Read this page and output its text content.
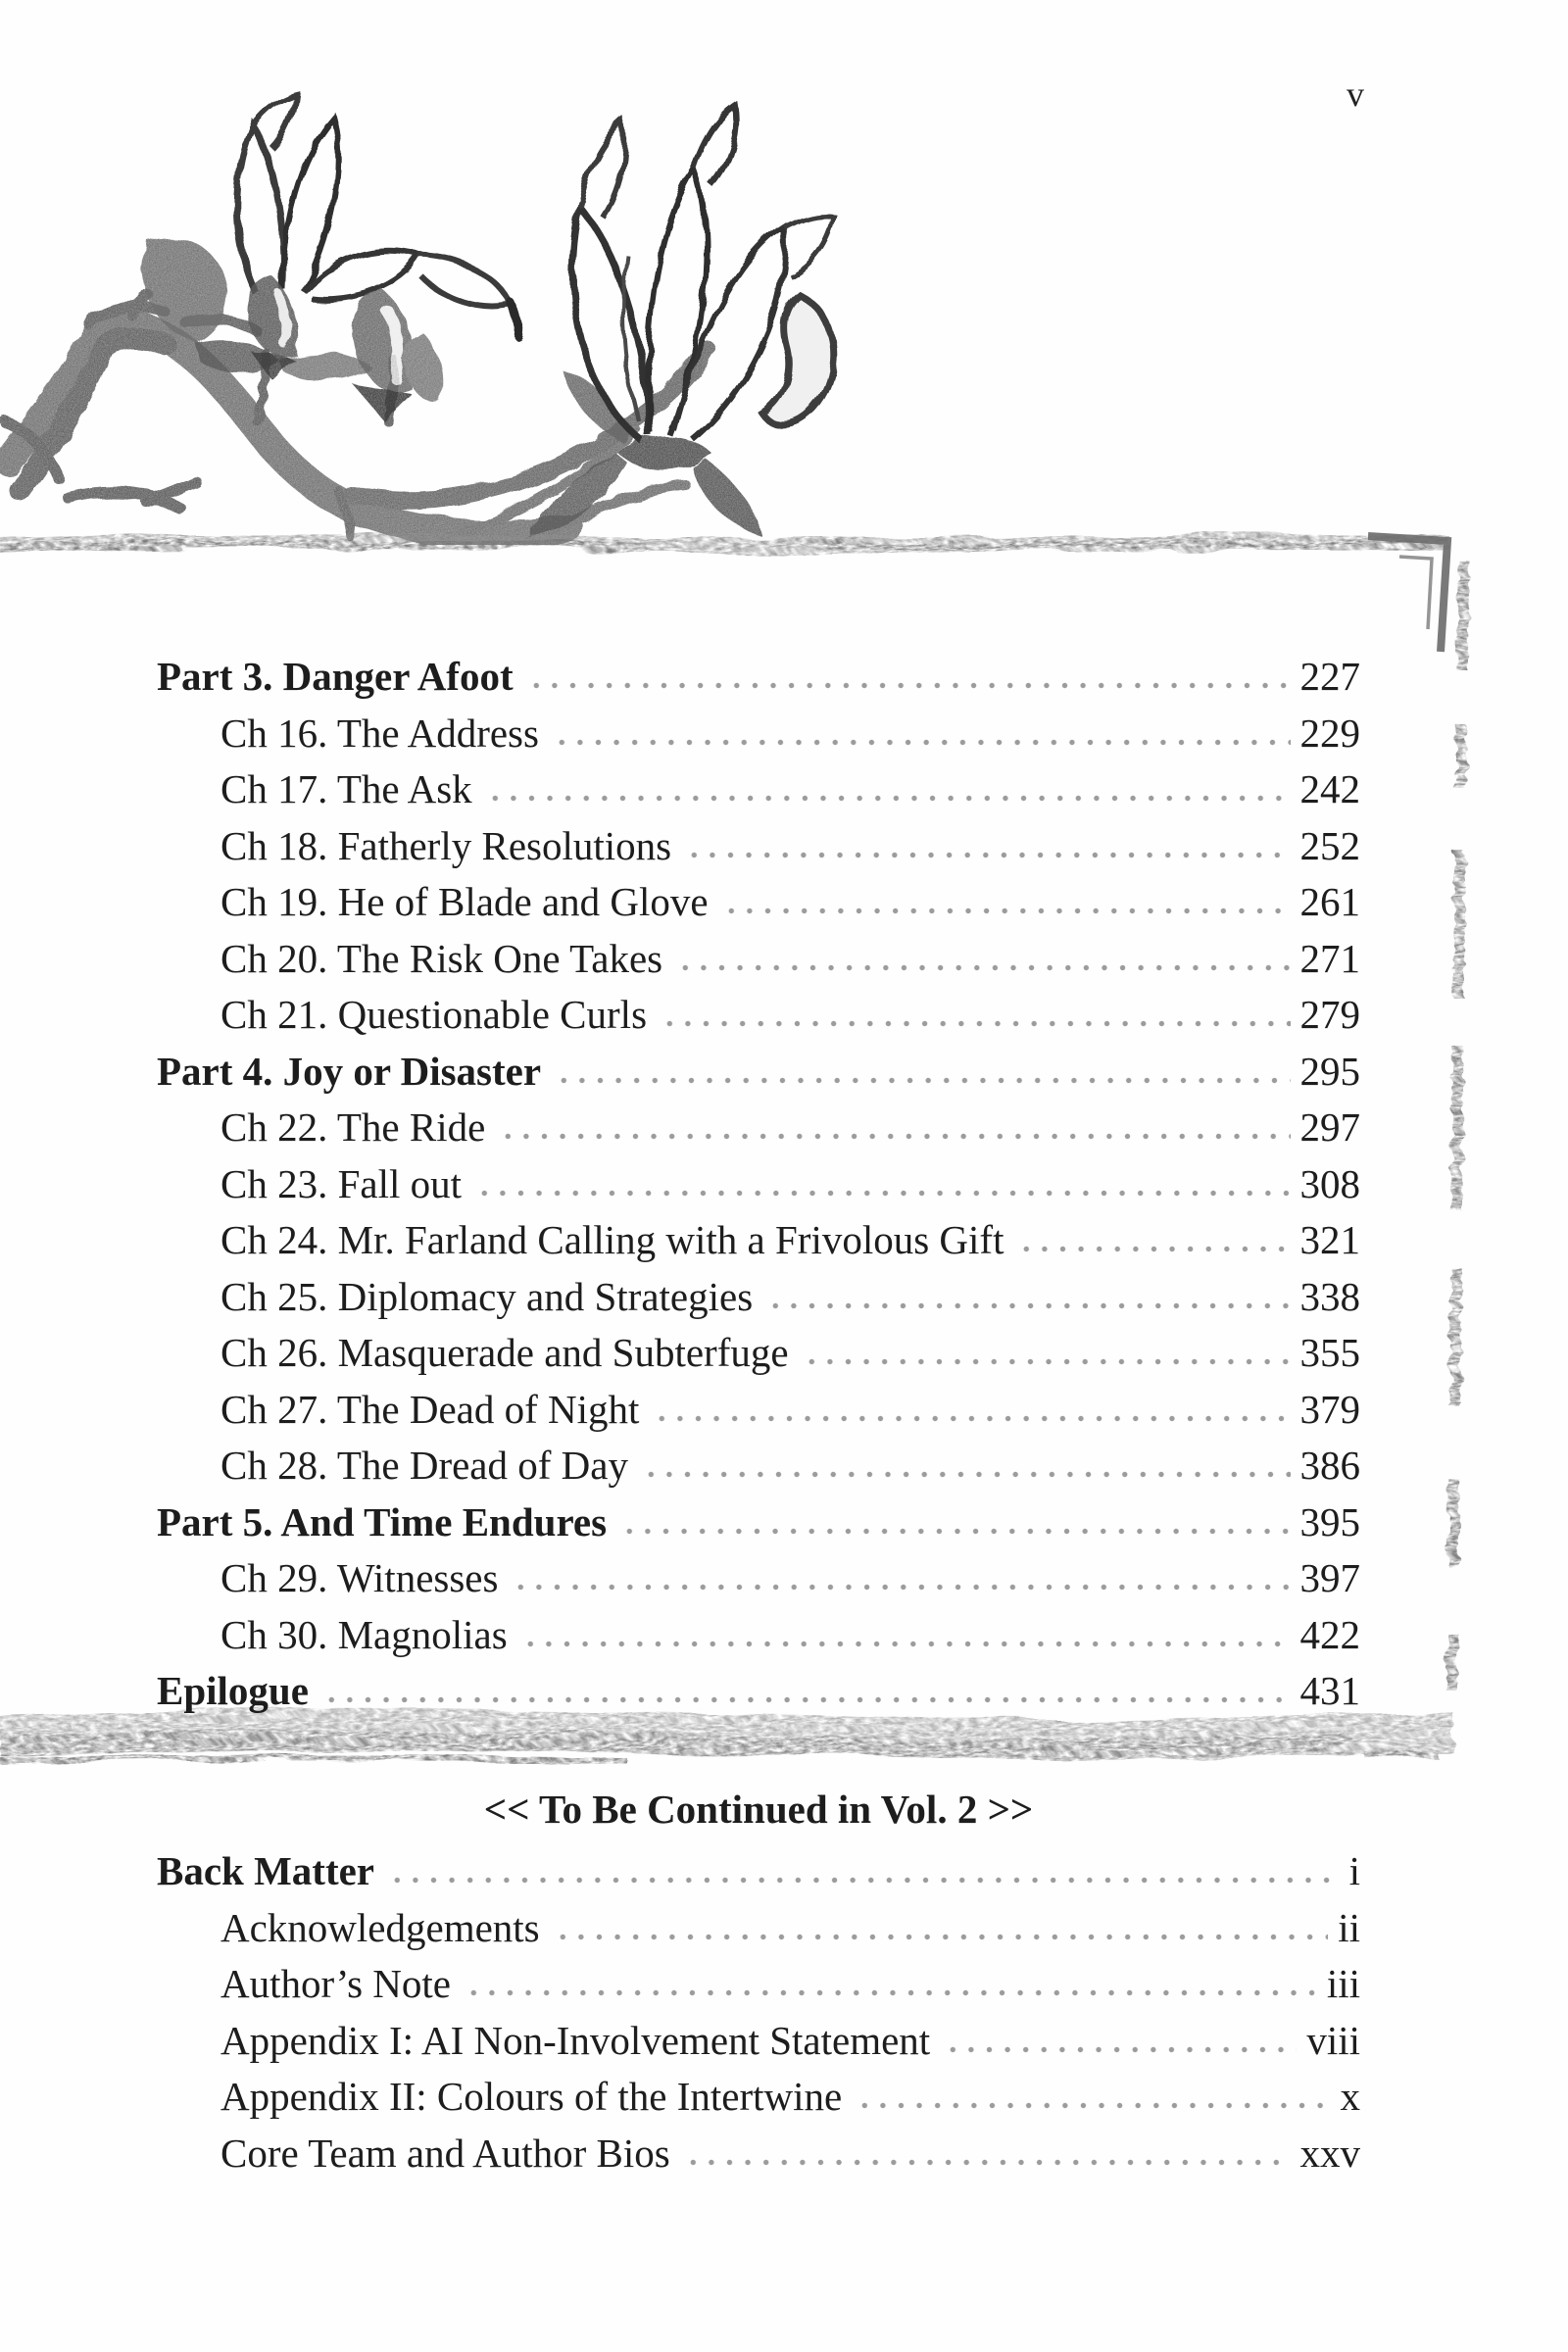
v
Part 3. Danger Afoot	227
Ch 16. The Address	229
Ch 17. The Ask	242
Ch 18. Fatherly Resolutions	252
Ch 19. He of Blade and Glove	261
Ch 20. The Risk One Takes	271
Ch 21. Questionable Curls	279
Part 4. Joy or Disaster	295
Ch 22. The Ride	297
Ch 23. Fall out	308
Ch 24. Mr. Farland Calling with a Frivolous Gift	321
Ch 25. Diplomacy and Strategies	338
Ch 26. Masquerade and Subterfuge	355
Ch 27. The Dead of Night	379
Ch 28. The Dread of Day	386
Part 5. And Time Endures	395
Ch 29. Witnesses	397
Ch 30. Magnolias	422
Epilogue	431
<< To Be Continued in Vol. 2 >>
Back Matter	i
Acknowledgements	ii
Author’s Note	iii
Appendix I: AI Non-Involvement Statement	viii
Appendix II: Colours of the Intertwine	x
Core Team and Author Bios	xxv
